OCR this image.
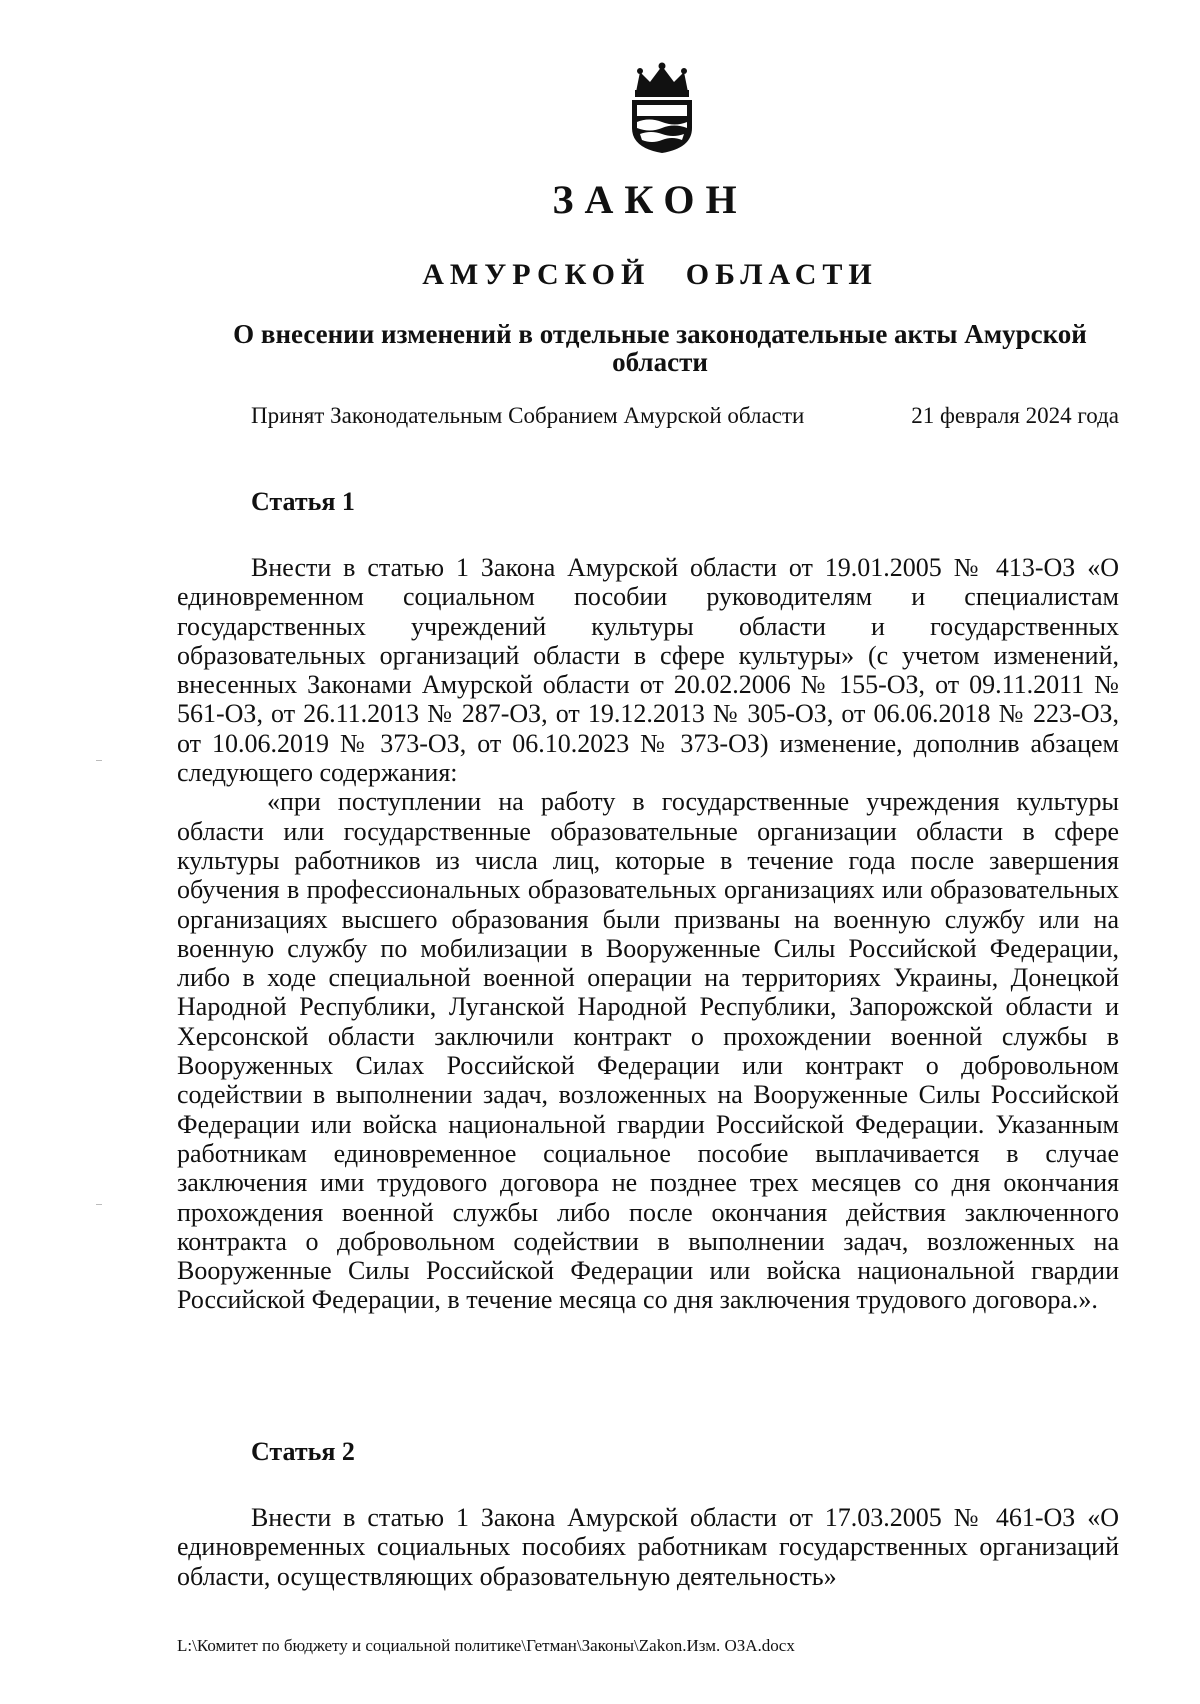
ЗАКОН
АМУРСКОЙ ОБЛАСТИ
О внесении изменений в отдельные законодательные акты Амурской области
Принят Законодательным Собранием Амурской области	21 февраля 2024 года
Статья 1

Внести в статью 1 Закона Амурской области от 19.01.2005 № 413-ОЗ «О единовременном социальном пособии руководителям и специалистам государственных учреждений культуры области и государственных образовательных организаций области в сфере культуры» (с учетом изменений, внесенных Законами Амурской области от 20.02.2006 № 155-ОЗ, от 09.11.2011 № 561-ОЗ, от 26.11.2013 № 287-ОЗ, от 19.12.2013 № 305-ОЗ, от 06.06.2018 № 223-ОЗ, от 10.06.2019 № 373-ОЗ, от 06.10.2023 № 373-ОЗ) изменение, дополнив абзацем следующего содержания:

«при поступлении на работу в государственные учреждения культуры области или государственные образовательные организации области в сфере культуры работников из числа лиц, которые в течение года после завершения обучения в профессиональных образовательных организациях или образовательных организациях высшего образования были призваны на военную службу или на военную службу по мобилизации в Вооруженные Силы Российской Федерации, либо в ходе специальной военной операции на территориях Украины, Донецкой Народной Республики, Луганской Народной Республики, Запорожской области и Херсонской области заключили контракт о прохождении военной службы в Вооруженных Силах Российской Федерации или контракт о добровольном содействии в выполнении задач, возложенных на Вооруженные Силы Российской Федерации или войска национальной гвардии Российской Федерации. Указанным работникам единовременное социальное пособие выплачивается в случае заключения ими трудового договора не позднее трех месяцев со дня окончания прохождения военной службы либо после окончания действия заключенного контракта о добровольном содействии в выполнении задач, возложенных на Вооруженные Силы Российской Федерации или войска национальной гвардии Российской Федерации, в течение месяца со дня заключения трудового договора.».

Статья 2

Внести в статью 1 Закона Амурской области от 17.03.2005 № 461-ОЗ «О единовременных социальных пособиях работникам государственных организаций области, осуществляющих образовательную деятельность»

L:\Комитет по бюджету и социальной политике\Гетман\Законы\Zakon.Изм. ОЗА.docx
